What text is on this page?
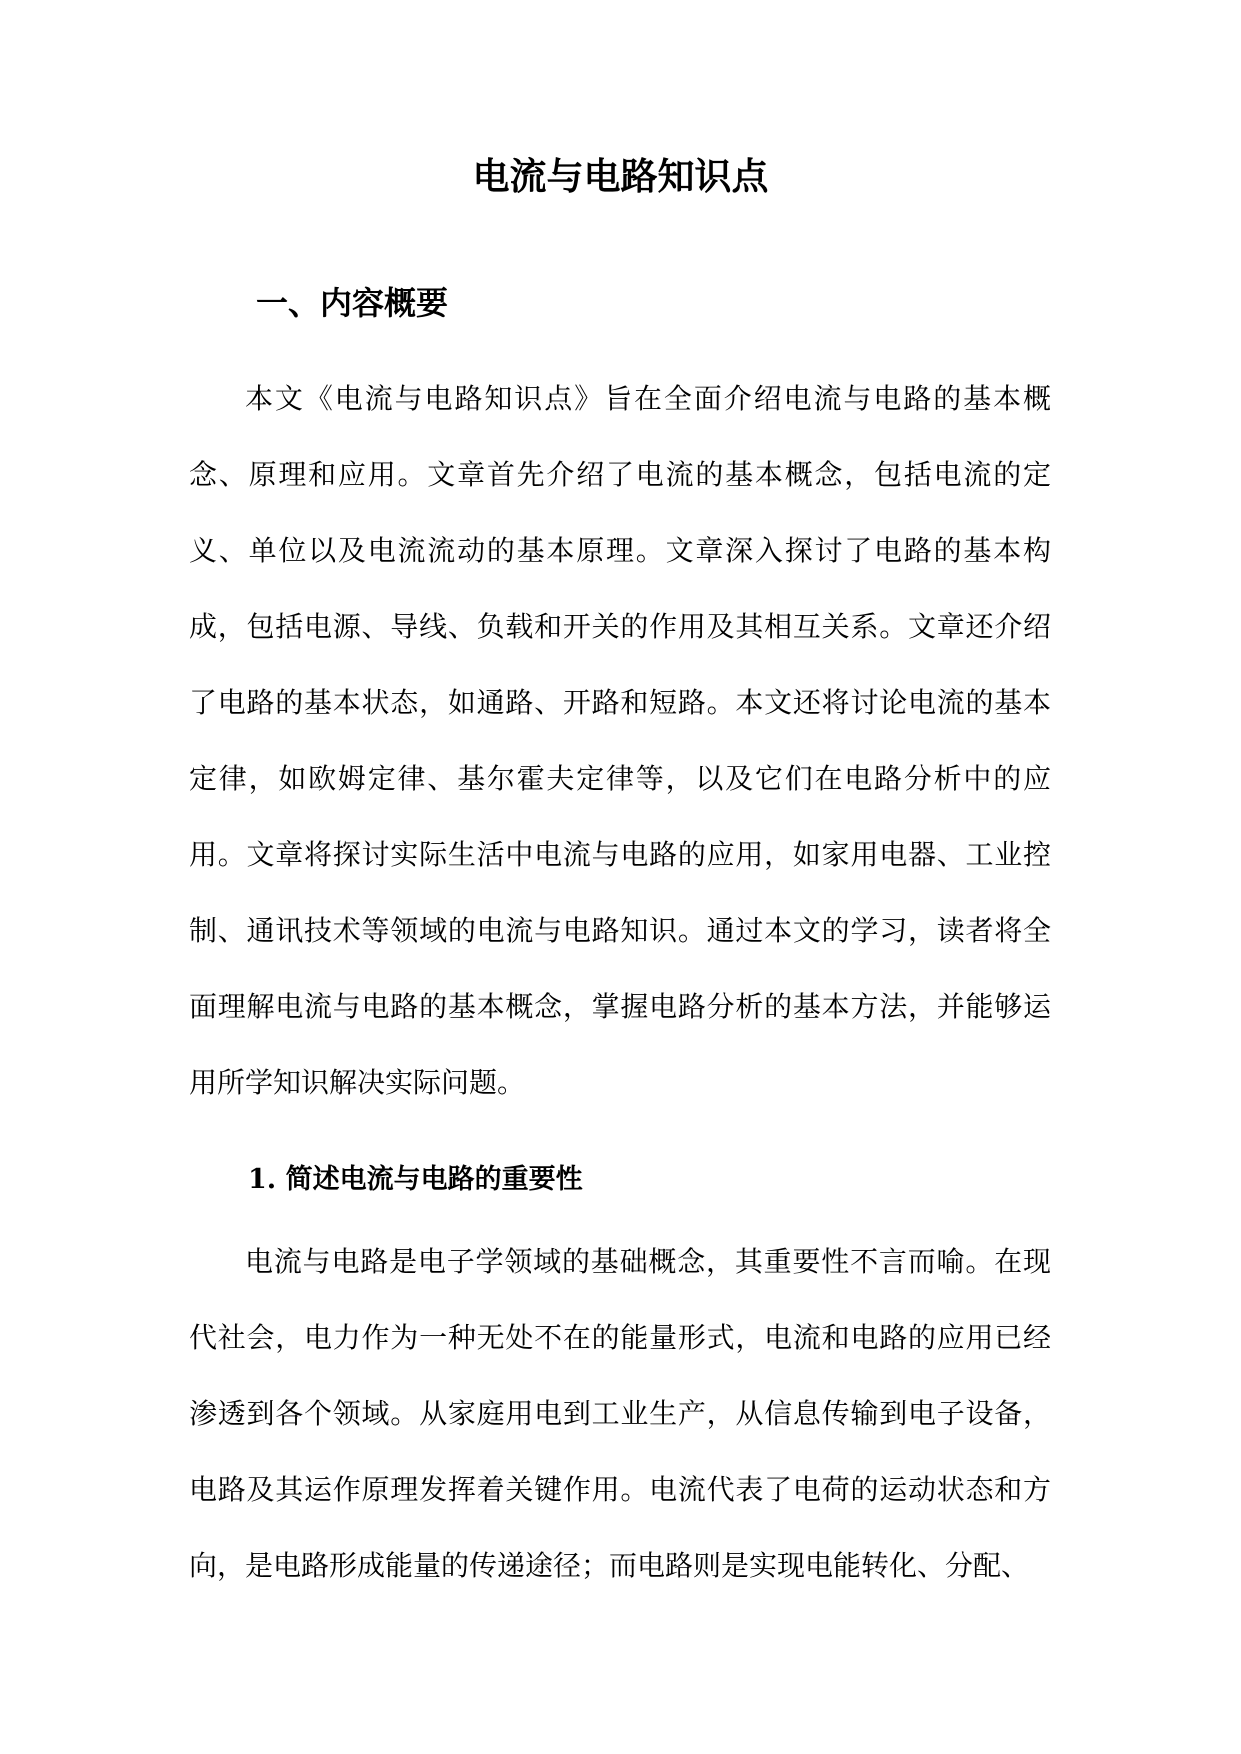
电流与电路知识点
一、内容概要

本文《电流与电路知识点》旨在全面介绍电流与电路的基本概念、原理和应用。文章首先介绍了电流的基本概念，包括电流的定义、单位以及电流流动的基本原理。文章深入探讨了电路的基本构成，包括电源、导线、负载和开关的作用及其相互关系。文章还介绍了电路的基本状态，如通路、开路和短路。本文还将讨论电流的基本定律，如欧姆定律、基尔霍夫定律等，以及它们在电路分析中的应用。文章将探讨实际生活中电流与电路的应用，如家用电器、工业控制、通讯技术等领域的电流与电路知识。通过本文的学习，读者将全面理解电流与电路的基本概念，掌握电路分析的基本方法，并能够运用所学知识解决实际问题。

1. 简述电流与电路的重要性

电流与电路是电子学领域的基础概念，其重要性不言而喻。在现代社会，电力作为一种无处不在的能量形式，电流和电路的应用已经渗透到各个领域。从家庭用电到工业生产，从信息传输到电子设备，电路及其运作原理发挥着关键作用。电流代表了电荷的运动状态和方向，是电路形成能量的传递途径；而电路则是实现电能转化、分配、
